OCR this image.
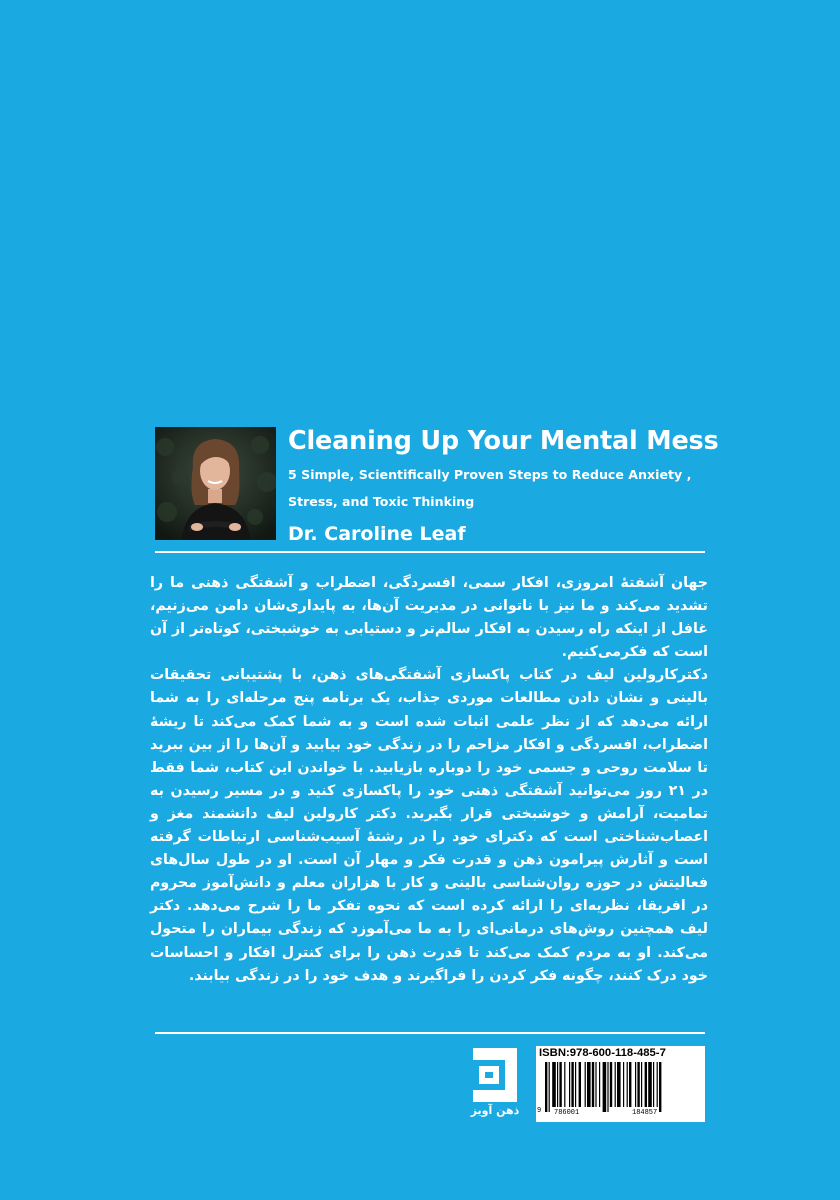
Cleaning Up Your Mental Mess
5 Simple, Scientifically Proven Steps to Reduce Anxiety ,
Stress, and Toxic Thinking
Dr. Caroline Leaf

جهان آشفتهٔ امروزی، افکار سمی، افسردگی، اضطراب و آشفتگی ذهنی ما را تشدید می‌کند و ما نیز با ناتوانی در مدیریت آن‌ها، به پایداری‌شان دامن می‌زنیم، غافل از اینکه راه رسیدن به افکار سالم‌تر و دستیابی به خوشبختی، کوتاه‌تر از آن است که فکرمی‌کنیم.

دکترکارولین لیف در کتاب پاکسازی آشفتگی‌های ذهن، با پشتیبانی تحقیقات بالینی و نشان دادن مطالعات موردی جذاب، یک برنامه پنج مرحله‌ای را به شما ارائه می‌دهد که از نظر علمی اثبات شده است و به شما کمک می‌کند تا ریشهٔ اضطراب، افسردگی و افکار مزاحم را در زندگی خود بیابید و آن‌ها را از بین ببرید تا سلامت روحی و جسمی خود را دوباره بازیابید. با خواندن این کتاب، شما فقط در ۲۱ روز می‌توانید آشفتگی ذهنی خود را پاکسازی کنید و در مسیر رسیدن به تمامیت، آرامش و خوشبختی قرار بگیرید. دکتر کارولین لیف دانشمند مغز و اعصاب‌شناختی است که دکترای خود را در رشتهٔ آسیب‌شناسی ارتباطات گرفته است و آثارش پیرامون ذهن و قدرت فکر و مهار آن است. او در طول سال‌های فعالیتش در حوزه روان‌شناسی بالینی و کار با هزاران معلم و دانش‌آموز محروم در افریقا، نظریه‌ای را ارائه کرده است که نحوه تفکر ما را شرح می‌دهد. دکتر لیف همچنین روش‌های درمانی‌ای را به ما می‌آموزد که زندگی بیماران را متحول می‌کند. او به مردم کمک می‌کند تا قدرت ذهن را برای کنترل افکار و احساسات خود درک کنند، چگونه فکر کردن را فراگیرند و هدف خود را در زندگی بیابند.

ذهن آویز
ISBN:978-600-118-485-7
9 786001	184857
